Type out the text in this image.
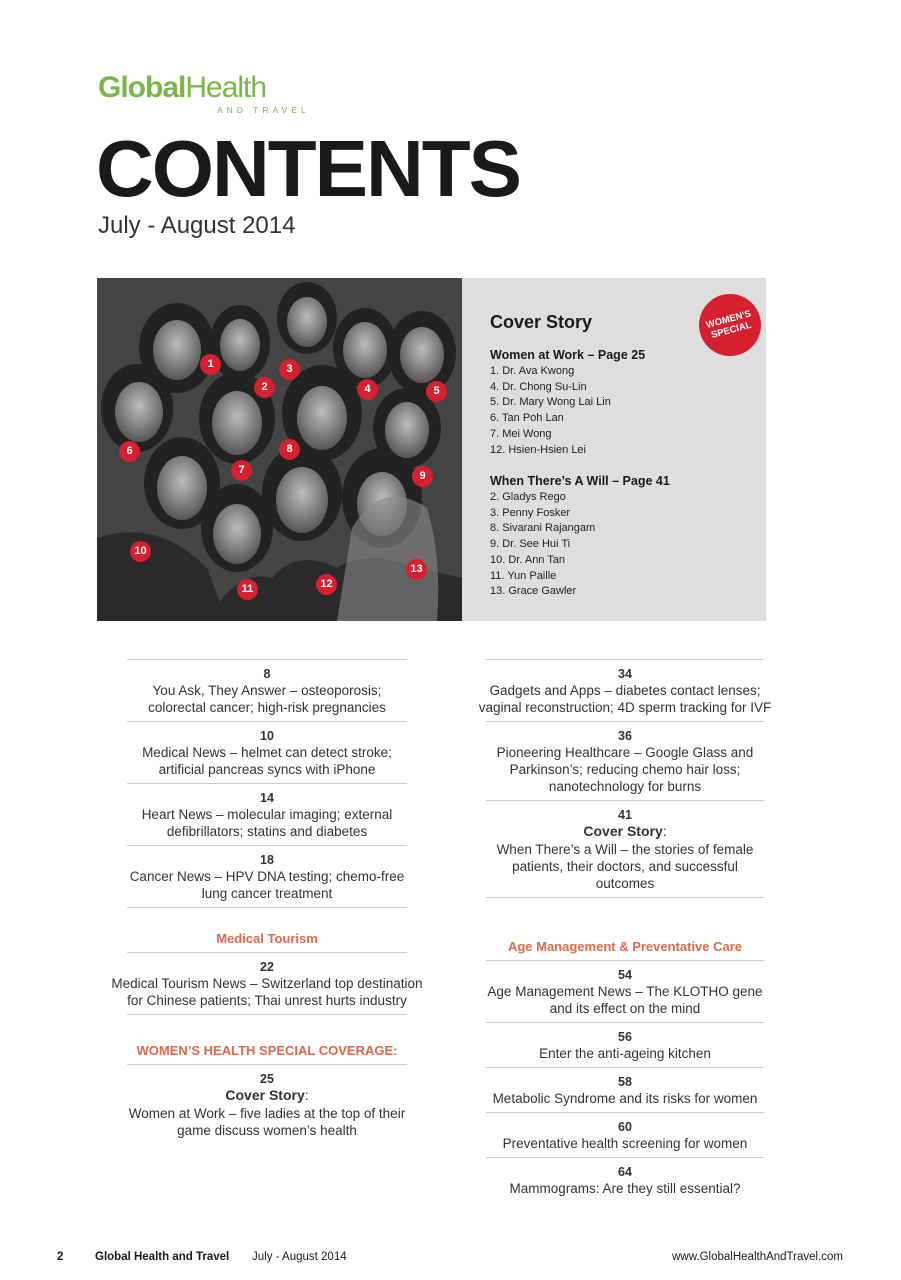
GlobalHealth
AND TRAVEL
CONTENTS
July - August 2014
1
2
3
4	5
6
7
8
9
10
11	12
13
Cover Story
Women at Work – Page 25
1. Dr. Ava Kwong
4. Dr. Chong Su-Lin
5. Dr. Mary Wong Lai Lin
6. Tan Poh Lan
7. Mei Wong
12. Hsien-Hsien Lei
When There’s A Will – Page 41
2. Gladys Rego
3. Penny Fosker
8. Sivarani Rajangam
9. Dr. See Hui Ti
10. Dr. Ann Tan
11. Yun Paille
13. Grace Gawler
WOMEN'S SPECIAL
8
You Ask, They Answer – osteoporosis; colorectal cancer; high-risk pregnancies
10
Medical News – helmet can detect stroke; artificial pancreas syncs with iPhone
14
Heart News – molecular imaging; external defibrillators; statins and diabetes
18
Cancer News – HPV DNA testing; chemo-free lung cancer treatment
Medical Tourism
22
Medical Tourism News – Switzerland top destination for Chinese patients; Thai unrest hurts industry
WOMEN’S HEALTH SPECIAL COVERAGE:
25
Cover Story:
Women at Work – five ladies at the top of their game discuss women’s health
34
Gadgets and Apps – diabetes contact lenses; vaginal reconstruction; 4D sperm tracking for IVF
36
Pioneering Healthcare – Google Glass and Parkinson’s; reducing chemo hair loss; nanotechnology for burns
41
Cover Story:
When There’s a Will – the stories of female patients, their doctors, and successful outcomes
Age Management & Preventative Care
54
Age Management News – The KLOTHO gene and its effect on the mind
56
Enter the anti-ageing kitchen
58
Metabolic Syndrome and its risks for women
60
Preventative health screening for women
64
Mammograms: Are they still essential?
2	Global Health and Travel July - August 2014	www.GlobalHealthAndTravel.com
